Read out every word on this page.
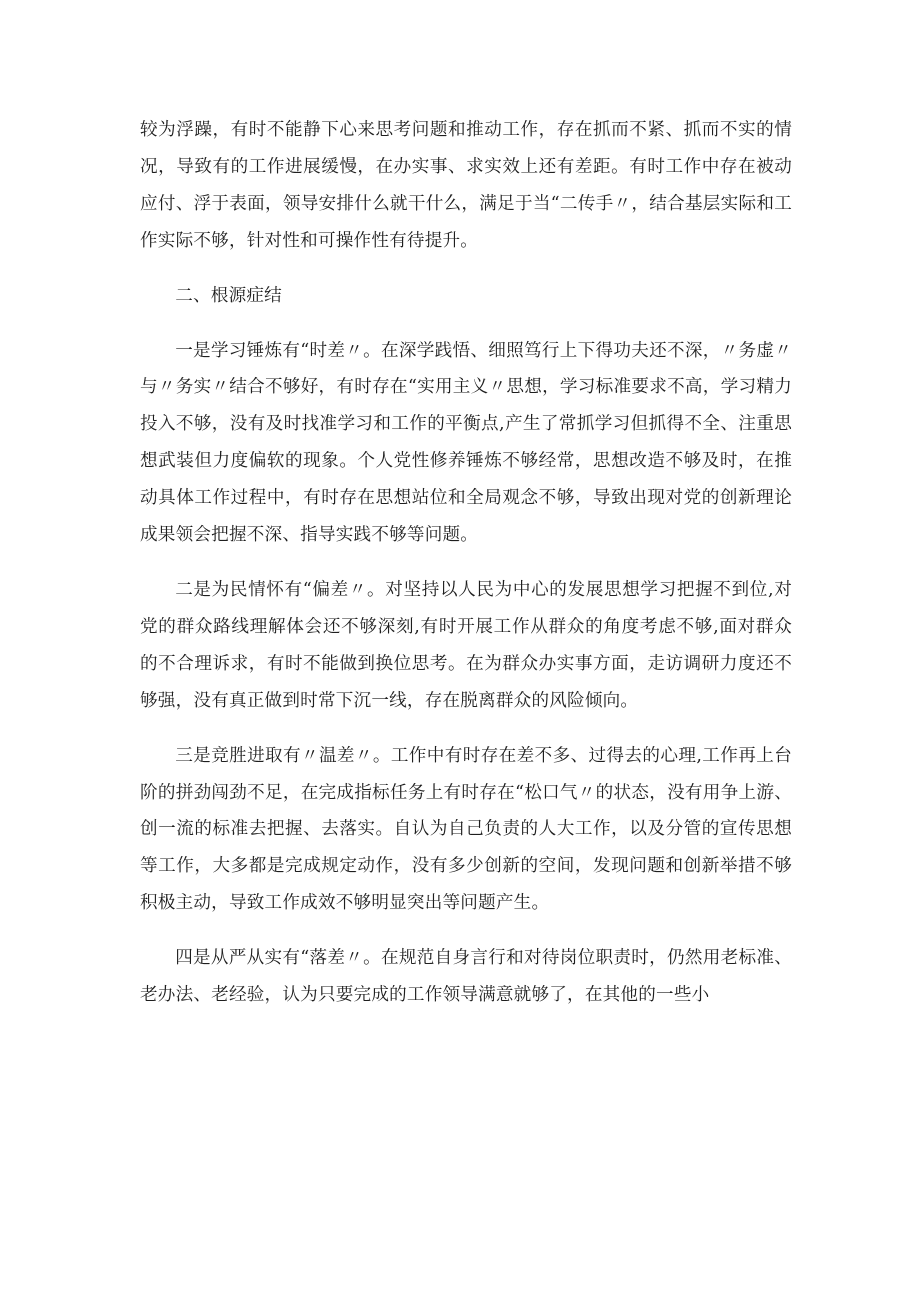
较为浮躁，有时不能静下心来思考问题和推动工作，存在抓而不紧、抓而不实的情况，导致有的工作进展缓慢，在办实事、求实效上还有差距。有时工作中存在被动应付、浮于表面，领导安排什么就干什么，满足于当“二传手〃，结合基层实际和工作实际不够，针对性和可操作性有待提升。

二、根源症结

一是学习锤炼有“时差〃。在深学践悟、细照笃行上下得功夫还不深，〃务虚〃与〃务实〃结合不够好，有时存在“实用主义〃思想，学习标准要求不高，学习精力投入不够，没有及时找准学习和工作的平衡点,产生了常抓学习但抓得不全、注重思想武装但力度偏软的现象。个人党性修养锤炼不够经常，思想改造不够及时，在推动具体工作过程中，有时存在思想站位和全局观念不够，导致出现对党的创新理论成果领会把握不深、指导实践不够等问题。

二是为民情怀有“偏差〃。对坚持以人民为中心的发展思想学习把握不到位,对党的群众路线理解体会还不够深刻,有时开展工作从群众的角度考虑不够,面对群众的不合理诉求，有时不能做到换位思考。在为群众办实事方面，走访调研力度还不够强，没有真正做到时常下沉一线，存在脱离群众的风险倾向。

三是竞胜进取有〃温差〃。工作中有时存在差不多、过得去的心理,工作再上台阶的拼劲闯劲不足，在完成指标任务上有时存在“松口气〃的状态，没有用争上游、创一流的标准去把握、去落实。自认为自己负责的人大工作，以及分管的宣传思想等工作，大多都是完成规定动作，没有多少创新的空间，发现问题和创新举措不够积极主动，导致工作成效不够明显突出等问题产生。

四是从严从实有“落差〃。在规范自身言行和对待岗位职责时，仍然用老标准、老办法、老经验，认为只要完成的工作领导满意就够了，在其他的一些小
